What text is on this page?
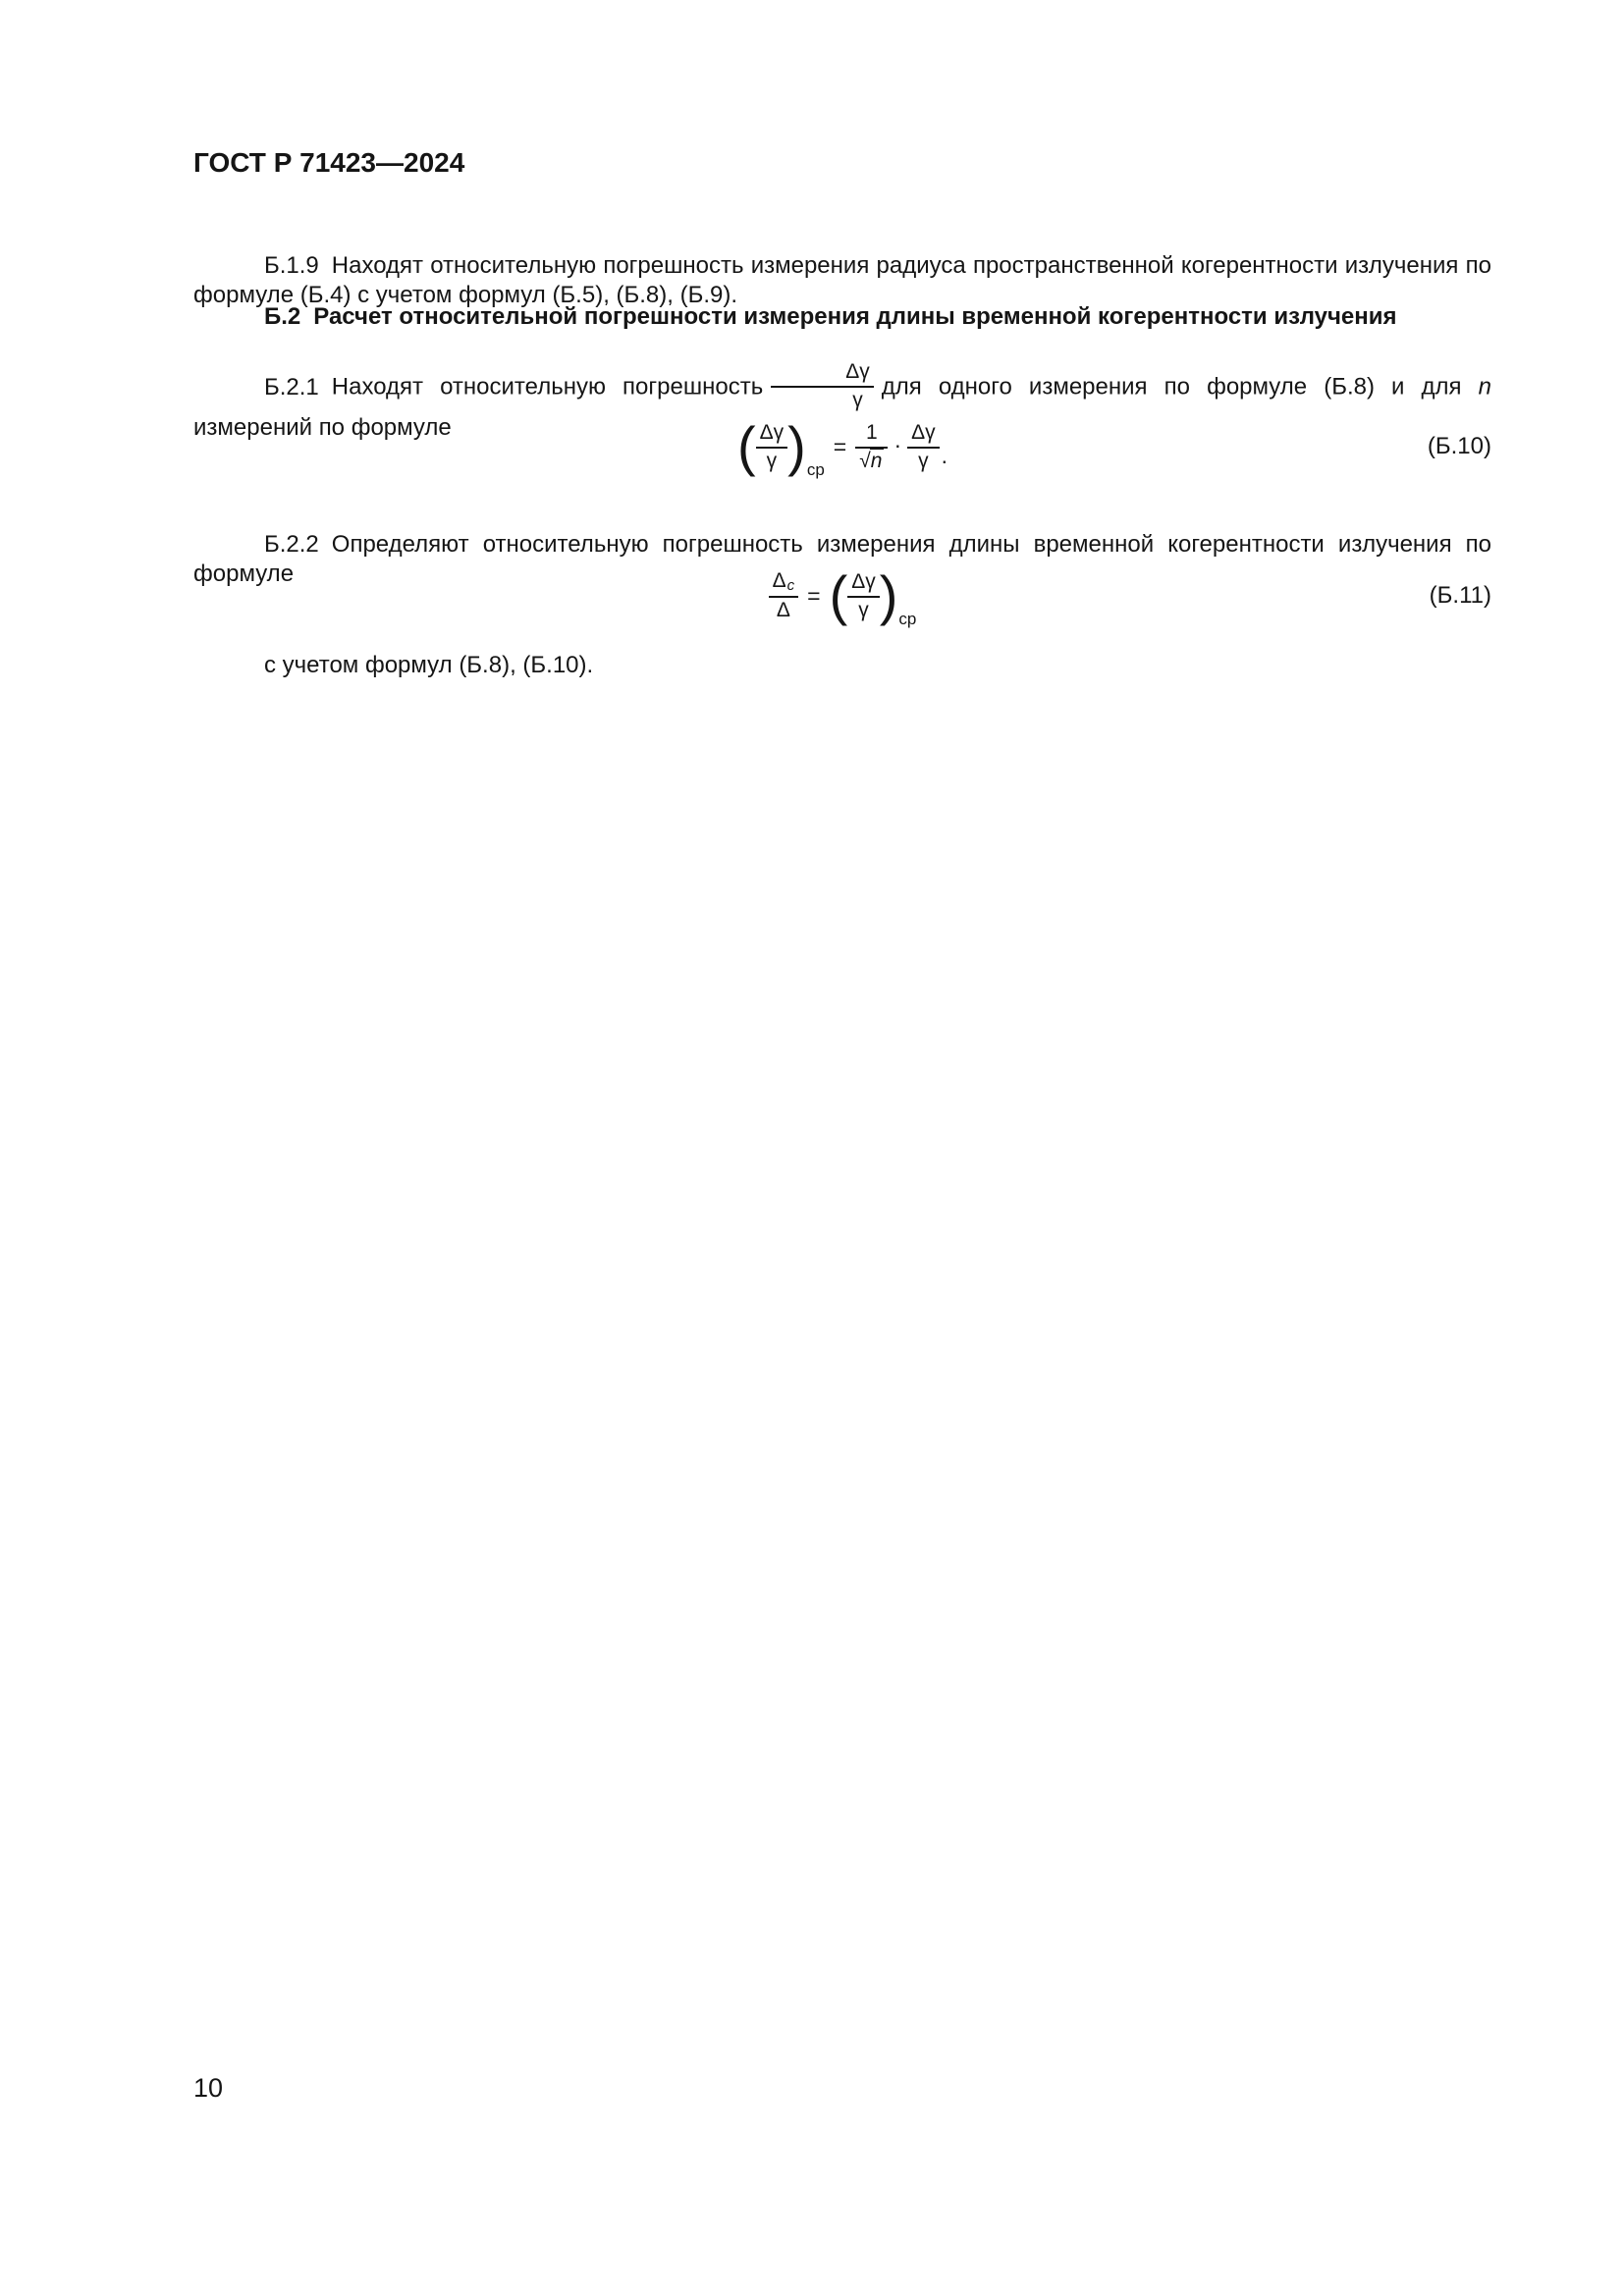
ГОСТ Р 71423—2024

Б.1.9 Находят относительную погрешность измерения радиуса пространственной когерентности излучения по формуле (Б.4) с учетом формул (Б.5), (Б.8), (Б.9).

Б.2 Расчет относительной погрешности измерения длины временной когерентности излучения

Б.2.1 Находят относительную погрешность $\frac{\Delta\gamma}{\gamma}$ для одного измерения по формуле (Б.8) и для n измерений по формуле	( $\frac{\Delta\gamma}{\gamma}$ ) ср
= $\frac{1}{√n} \cdot \frac{\Delta\gamma}{\gamma}$ .	(Б.10)

Б.2.2 Определяют относительную погрешность измерения длины временной когерентности излучения по формуле	$\frac{\Delta с}{\Delta}$ = ( $\frac{\Delta\gamma}{\gamma}$ ) ср
(Б.11)
с учетом формул (Б.8), (Б.10).
10
